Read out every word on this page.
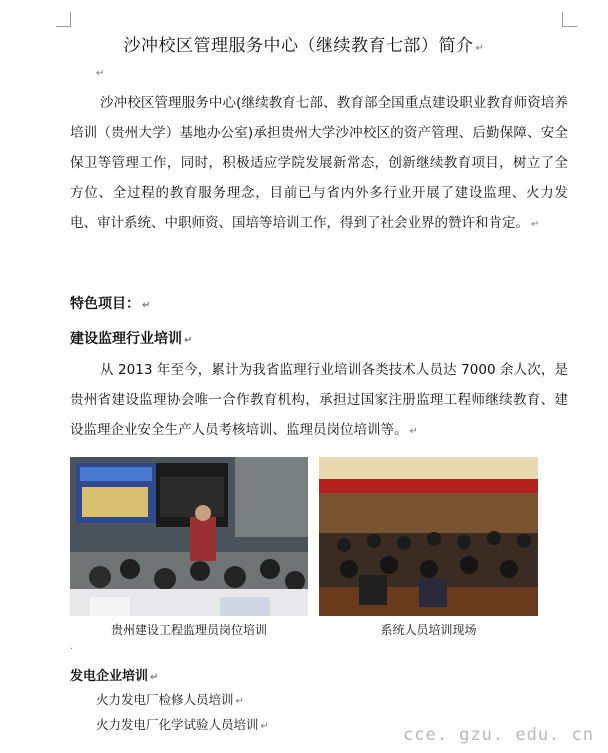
沙冲校区管理服务中心（继续教育七部）简介 ↵
↵

沙冲校区管理服务中心(继续教育七部、教育部全国重点建设职业教育师资培养培训（贵州大学）基地办公室)承担贵州大学沙冲校区的资产管理、后勤保障、安全保卫等管理工作，同时，积极适应学院发展新常态，创新继续教育项目，树立了全方位、全过程的教育服务理念，目前已与省内外多行业开展了建设监理、火力发电、审计系统、中职师资、国培等培训工作，得到了社会业界的赞许和肯定。 ↵

特色项目： ↵

建设监理行业培训 ↵

从 2013 年至今，累计为我省监理行业培训各类技术人员达 7000 余人次，是贵州省建设监理协会唯一合作教育机构，承担过国家注册监理工程师继续教育、建设监理企业安全生产人员考核培训、监理员岗位培训等。 ↵

贵州建设工程监理员岗位培训	系统人员培训现场

.

发电企业培训 ↵

火力发电厂检修人员培训 ↵

火力发电厂化学试验人员培训 ↵	cce. gzu. edu. cn
